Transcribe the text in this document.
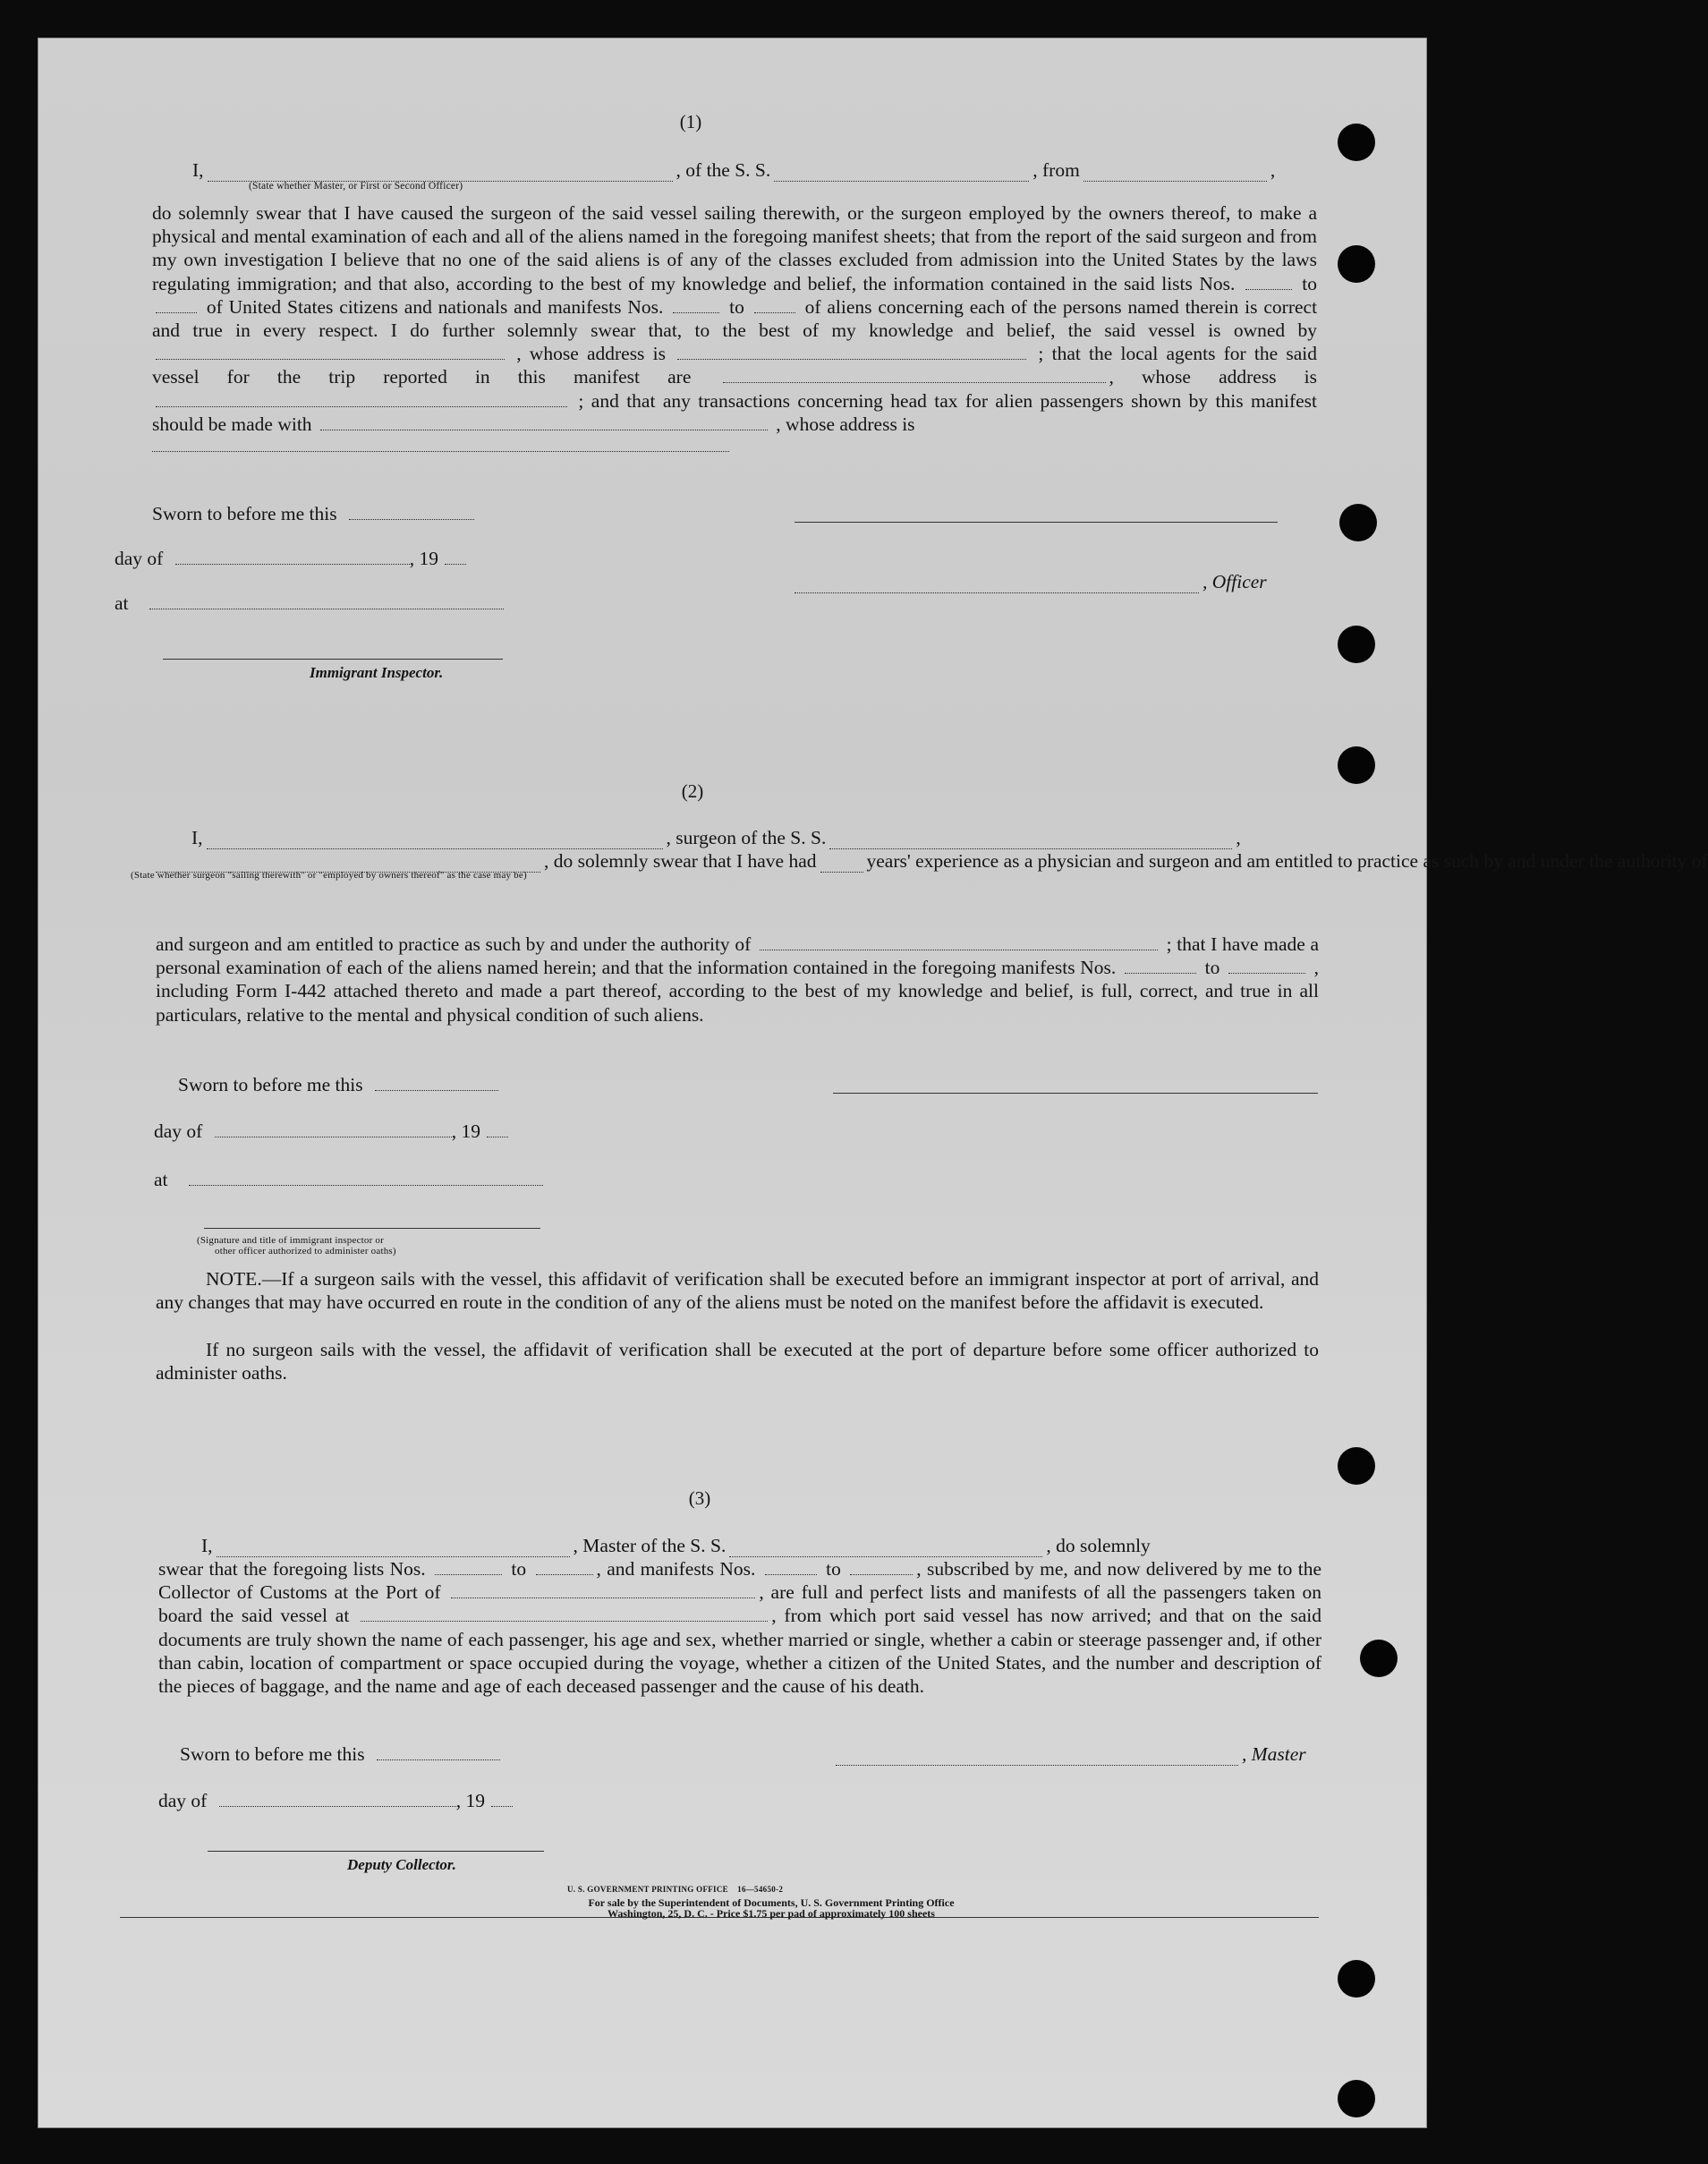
(1)
I,	, of the S. S.	, from	,
(State whether Master, or First or Second Officer)
do solemnly swear that I have caused the surgeon of the said vessel sailing therewith, or the surgeon employed by the owners thereof, to make a physical and mental examination of each and all of the aliens named in the foregoing manifest sheets; that from the report of the said surgeon and from my own investigation I believe that no one of the said aliens is of any of the classes excluded from admission into the United States by the laws regulating immigration; and that also, according to the best of my knowledge and belief, the information contained in the said lists Nos.	to  of United States citizens and nationals and manifests Nos.	to	of aliens concerning each of the persons named therein is correct and true in every respect. I do further solemnly swear that, to the best of my knowledge and belief, the said vessel is owned by  , whose address is	; that the local agents for the said vessel for the trip reported in this manifest are	, whose address is  ; and that any transactions concerning head tax for alien passengers shown by this manifest should be made with	, whose address is
Sworn to before me this
day of	, 19
, Officer
at
Immigrant Inspector.
(2)
I,	, surgeon of the S. S.	,
, do solemnly swear that I have had	years' experience as a physician and surgeon and am entitled to practice as such by and under the authority of
(State whether surgeon "sailing therewith" or "employed by owners thereof" as the case may be)
and surgeon and am entitled to practice as such by and under the authority of	; that I have made a personal examination of each of the aliens named herein; and that the information contained in the foregoing manifests Nos.	to	, including Form I-442 attached thereto and made a part thereof, according to the best of my knowledge and belief, is full, correct, and true in all particulars, relative to the mental and physical condition of such aliens.
Sworn to before me this
day of	, 19
at
(Signature and title of immigrant inspector or
other officer authorized to administer oaths)
NOTE.—If a surgeon sails with the vessel, this affidavit of verification shall be executed before an immigrant inspector at port of arrival, and any changes that may have occurred en route in the condition of any of the aliens must be noted on the manifest before the affidavit is executed.
If no surgeon sails with the vessel, the affidavit of verification shall be executed at the port of departure before some officer authorized to administer oaths.
(3)
I,	, Master of the S. S.	, do solemnly
swear that the foregoing lists Nos.	to	, and manifests Nos.	to	, subscribed by me, and now delivered by me to the Collector of Customs at the Port of	, are full and perfect lists and manifests of all the passengers taken on board the said vessel at	, from which port said vessel has now arrived; and that on the said documents are truly shown the name of each passenger, his age and sex, whether married or single, whether a cabin or steerage passenger and, if other than cabin, location of compartment or space occupied during the voyage, whether a citizen of the United States, and the number and description of the pieces of baggage, and the name and age of each deceased passenger and the cause of his death.
Sworn to before me this	, Master
day of	, 19
Deputy Collector.
U. S. GOVERNMENT PRINTING OFFICE    16—54650-2
For sale by the Superintendent of Documents, U. S. Government Printing Office
Washington, 25, D. C. - Price $1.75 per pad of approximately 100 sheets
